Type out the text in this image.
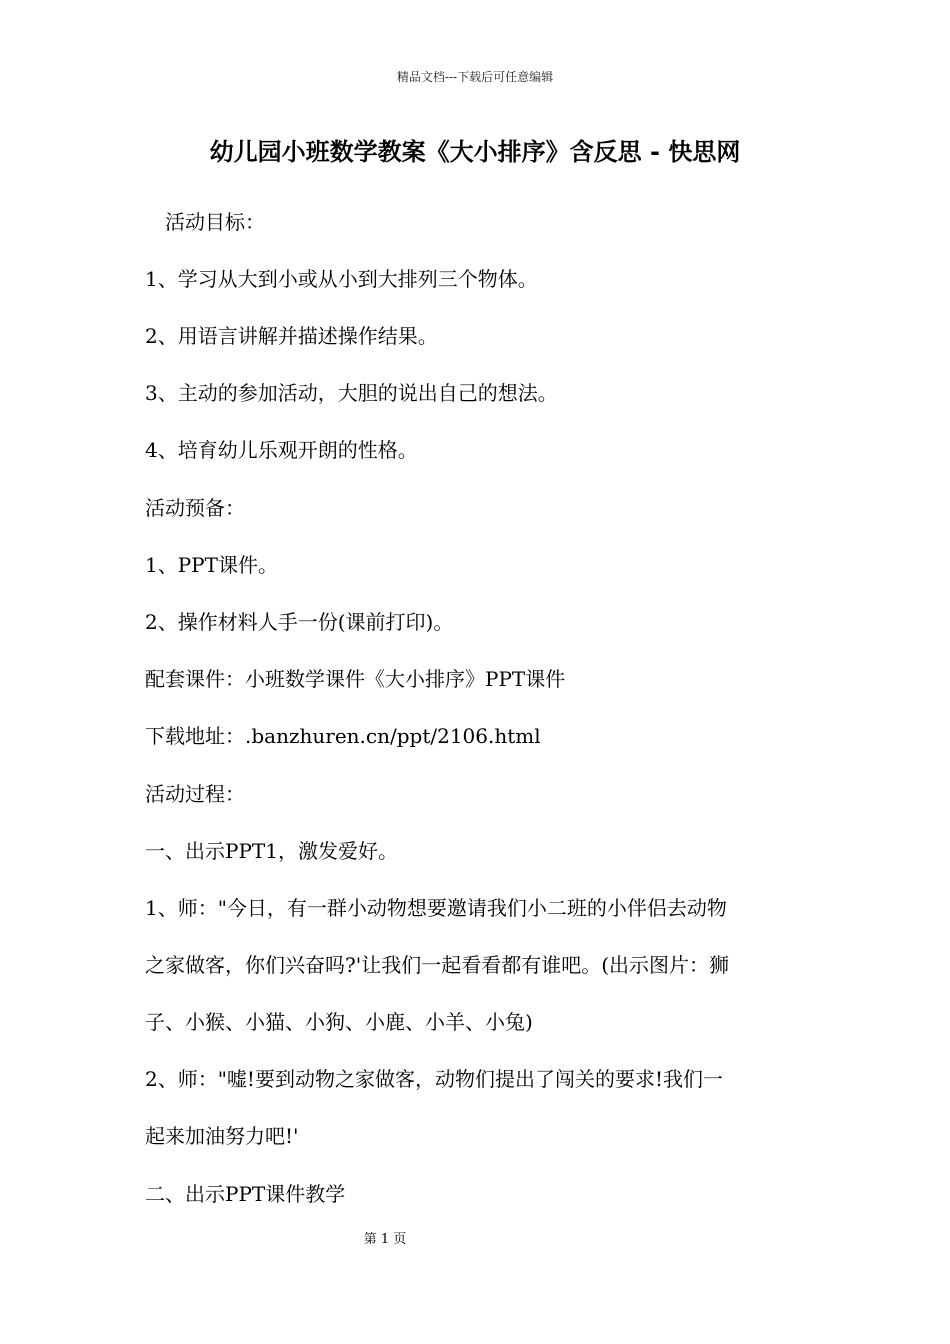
精品文档---下载后可任意编辑
幼儿园小班数学教案《大小排序》含反思 - 快思网
　活动目标：
1、学习从大到小或从小到大排列三个物体。
2、用语言讲解并描述操作结果。
3、主动的参加活动，大胆的说出自己的想法。
4、培育幼儿乐观开朗的性格。
活动预备：
1、PPT课件。
2、操作材料人手一份(课前打印)。
配套课件：小班数学课件《大小排序》PPT课件
下载地址：.banzhuren.cn/ppt/2106.html
活动过程：
一、出示PPT1，激发爱好。
1、师："今日，有一群小动物想要邀请我们小二班的小伴侣去动物
之家做客，你们兴奋吗?'让我们一起看看都有谁吧。(出示图片：狮
子、小猴、小猫、小狗、小鹿、小羊、小兔)
2、师："嘘!要到动物之家做客，动物们提出了闯关的要求!我们一
起来加油努力吧!'
二、出示PPT课件教学
第 1 页
